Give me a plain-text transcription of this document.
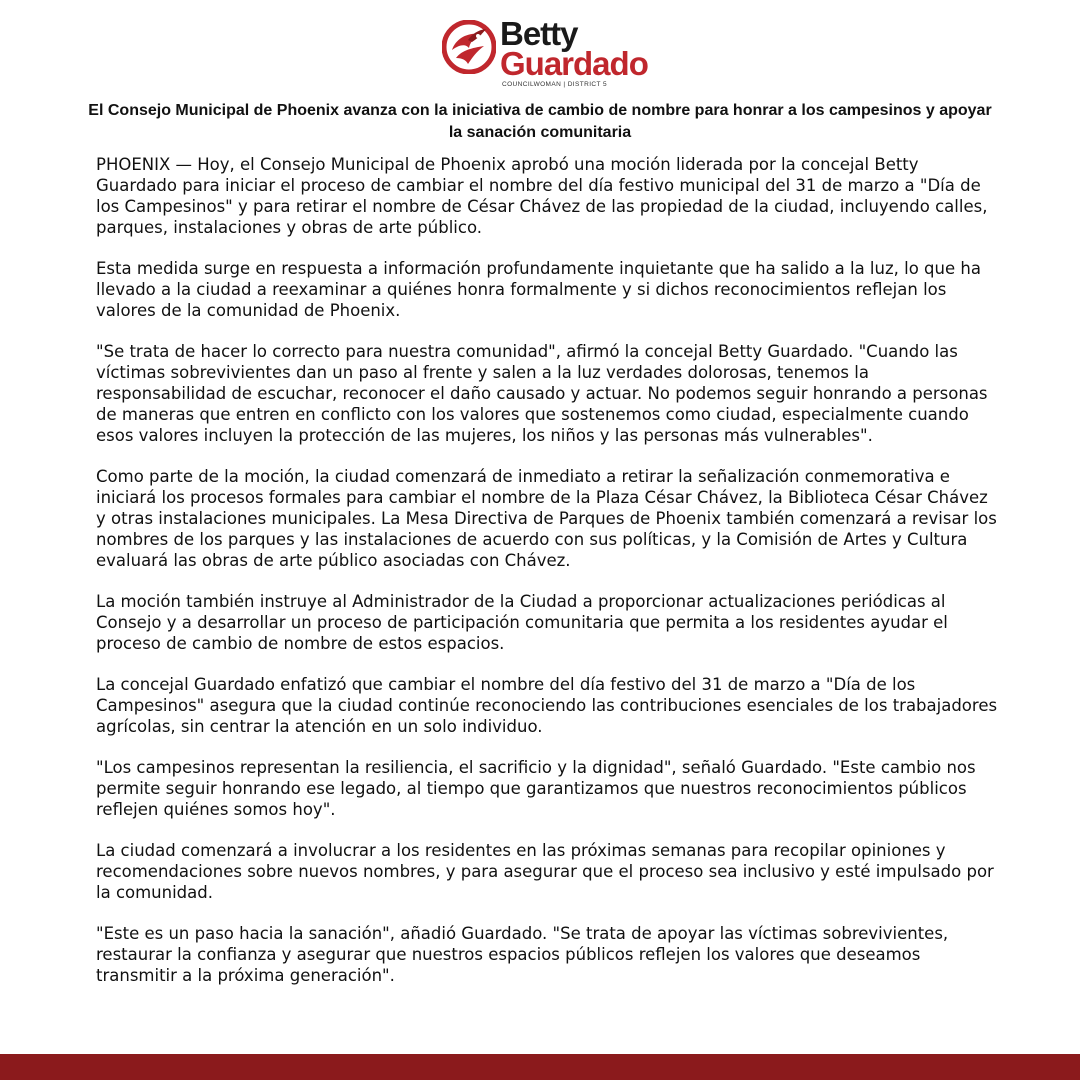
Betty
Guardado
COUNCILWOMAN | DISTRICT 5
El Consejo Municipal de Phoenix avanza con la iniciativa de cambio de nombre para honrar a los campesinos y apoyar la sanación comunitaria

PHOENIX — Hoy, el Consejo Municipal de Phoenix aprobó una moción liderada por la concejal Betty Guardado para iniciar el proceso de cambiar el nombre del día festivo municipal del 31 de marzo a "Día de los Campesinos" y para retirar el nombre de César Chávez de las propiedad de la ciudad, incluyendo calles, parques, instalaciones y obras de arte público.

Esta medida surge en respuesta a información profundamente inquietante que ha salido a la luz, lo que ha llevado a la ciudad a reexaminar a quiénes honra formalmente y si dichos reconocimientos reflejan los valores de la comunidad de Phoenix.

"Se trata de hacer lo correcto para nuestra comunidad", afirmó la concejal Betty Guardado. "Cuando las víctimas sobrevivientes dan un paso al frente y salen a la luz verdades dolorosas, tenemos la responsabilidad de escuchar, reconocer el daño causado y actuar. No podemos seguir honrando a personas de maneras que entren en conflicto con los valores que sostenemos como ciudad, especialmente cuando esos valores incluyen la protección de las mujeres, los niños y las personas más vulnerables".

Como parte de la moción, la ciudad comenzará de inmediato a retirar la señalización conmemorativa e iniciará los procesos formales para cambiar el nombre de la Plaza César Chávez, la Biblioteca César Chávez y otras instalaciones municipales. La Mesa Directiva de Parques de Phoenix también comenzará a revisar los nombres de los parques y las instalaciones de acuerdo con sus políticas, y la Comisión de Artes y Cultura evaluará las obras de arte público asociadas con Chávez.

La moción también instruye al Administrador de la Ciudad a proporcionar actualizaciones periódicas al Consejo y a desarrollar un proceso de participación comunitaria que permita a los residentes ayudar el proceso de cambio de nombre de estos espacios.

La concejal Guardado enfatizó que cambiar el nombre del día festivo del 31 de marzo a "Día de los Campesinos" asegura que la ciudad continúe reconociendo las contribuciones esenciales de los trabajadores agrícolas, sin centrar la atención en un solo individuo.

"Los campesinos representan la resiliencia, el sacrificio y la dignidad", señaló Guardado. "Este cambio nos permite seguir honrando ese legado, al tiempo que garantizamos que nuestros reconocimientos públicos reflejen quiénes somos hoy".

La ciudad comenzará a involucrar a los residentes en las próximas semanas para recopilar opiniones y recomendaciones sobre nuevos nombres, y para asegurar que el proceso sea inclusivo y esté impulsado por la comunidad.

"Este es un paso hacia la sanación", añadió Guardado. "Se trata de apoyar las víctimas sobrevivientes, restaurar la confianza y asegurar que nuestros espacios públicos reflejen los valores que deseamos transmitir a la próxima generación".
